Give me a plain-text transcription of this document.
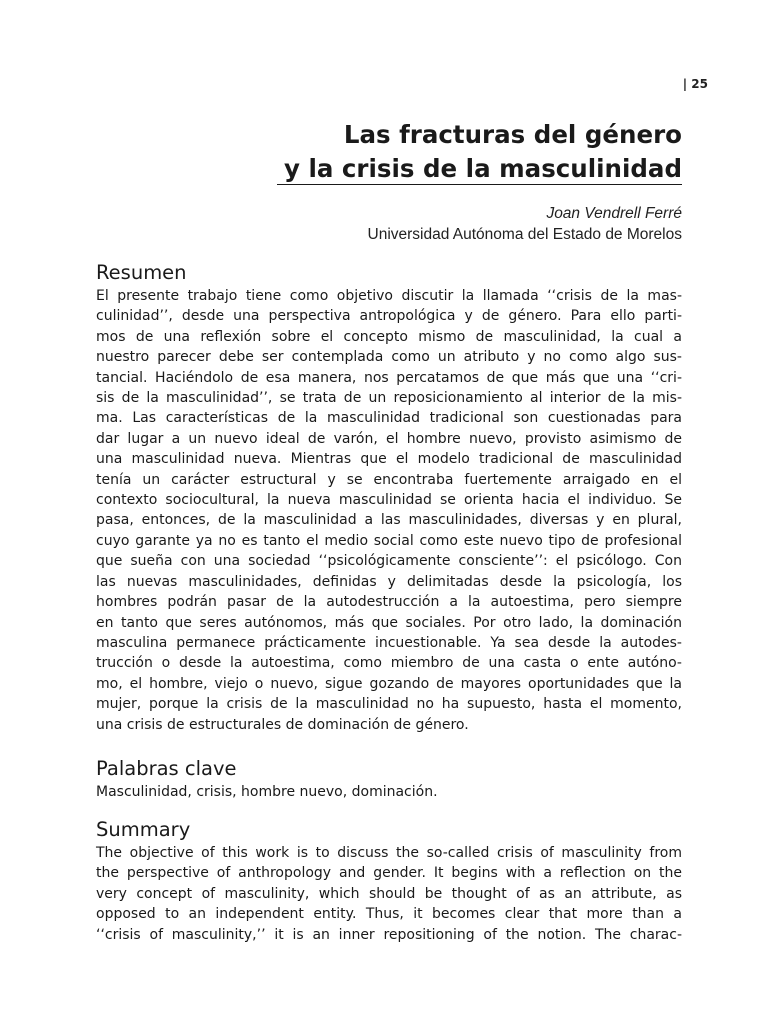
| 25
Las fracturas del género
y la crisis de la masculinidad
Joan Vendrell Ferré
Universidad Autónoma del Estado de Morelos
Resumen

El presente trabajo tiene como objetivo discutir la llamada ‘‘crisis de la mas-
culinidad’’, desde una perspectiva antropológica y de género. Para ello parti-
mos de una reflexión sobre el concepto mismo de masculinidad, la cual a
nuestro parecer debe ser contemplada como un atributo y no como algo sus-
tancial. Haciéndolo de esa manera, nos percatamos de que más que una ‘‘cri-
sis de la masculinidad’’, se trata de un reposicionamiento al interior de la mis-
ma. Las características de la masculinidad tradicional son cuestionadas para
dar lugar a un nuevo ideal de varón, el hombre nuevo, provisto asimismo de
una masculinidad nueva. Mientras que el modelo tradicional de masculinidad
tenía un carácter estructural y se encontraba fuertemente arraigado en el
contexto sociocultural, la nueva masculinidad se orienta hacia el individuo. Se
pasa, entonces, de la masculinidad a las masculinidades, diversas y en plural,
cuyo garante ya no es tanto el medio social como este nuevo tipo de profesional
que sueña con una sociedad ‘‘psicológicamente consciente’’: el psicólogo. Con
las nuevas masculinidades, definidas y delimitadas desde la psicología, los
hombres podrán pasar de la autodestrucción a la autoestima, pero siempre
en tanto que seres autónomos, más que sociales. Por otro lado, la dominación
masculina permanece prácticamente incuestionable. Ya sea desde la autodes-
trucción o desde la autoestima, como miembro de una casta o ente autóno-
mo, el hombre, viejo o nuevo, sigue gozando de mayores oportunidades que la
mujer, porque la crisis de la masculinidad no ha supuesto, hasta el momento,
una crisis de estructurales de dominación de género.

Palabras clave

Masculinidad, crisis, hombre nuevo, dominación.

Summary

The objective of this work is to discuss the so-called crisis of masculinity from
the perspective of anthropology and gender. It begins with a reflection on the
very concept of masculinity, which should be thought of as an attribute, as
opposed to an independent entity. Thus, it becomes clear that more than a
‘‘crisis of masculinity,’’ it is an inner repositioning of the notion. The charac-
